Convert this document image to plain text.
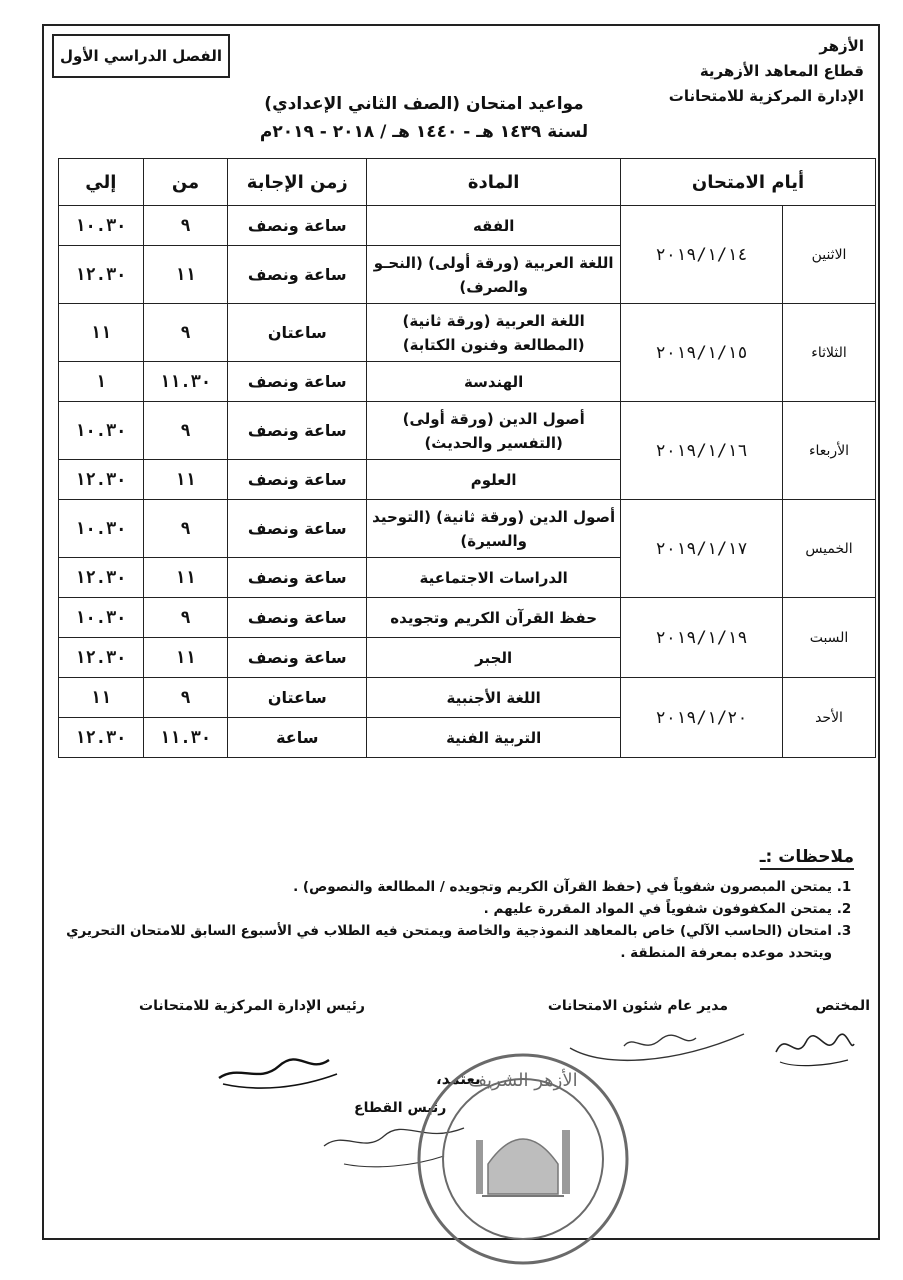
الأزهر
قطاع المعاهد الأزهرية
الإدارة المركزية للامتحانات
الفصل الدراسي الأول
مواعيد امتحان (الصف الثاني الإعدادي)
لسنة ١٤٣٩ هـ - ١٤٤٠ هـ / ٢٠١٨ - ٢٠١٩م
أيام الامتحان		المادة	زمن الإجابة	من	إلي
الاثنين	٢٠١٩/١/١٤	الفقه	ساعة ونصف	٩	١٠.٣٠
		اللغة العربية (ورقة أولى) (النحـو والصرف)	ساعة ونصف	١١	١٢.٣٠
الثلاثاء	٢٠١٩/١/١٥	اللغة العربية (ورقة ثانية) (المطالعة وفنون الكتابة)	ساعتان	٩	١١
		الهندسة	ساعة ونصف	١١.٣٠	١
الأربعاء	٢٠١٩/١/١٦	أصول الدين (ورقة أولى) (التفسير والحديث)	ساعة ونصف	٩	١٠.٣٠
		العلوم	ساعة ونصف	١١	١٢.٣٠
الخميس	٢٠١٩/١/١٧	أصول الدين (ورقة ثانية) (التوحيد والسيرة)	ساعة ونصف	٩	١٠.٣٠
		الدراسات الاجتماعية	ساعة ونصف	١١	١٢.٣٠
السبت	٢٠١٩/١/١٩	حفظ القرآن الكريم وتجويده	ساعة ونصف	٩	١٠.٣٠
		الجبر	ساعة ونصف	١١	١٢.٣٠
الأحد	٢٠١٩/١/٢٠	اللغة الأجنبية	ساعتان	٩	١١
		التربية الفنية	ساعة	١١.٣٠	١٢.٣٠
ملاحظات :ـ
1. يمتحن المبصرون شفوياً في (حفظ القرآن الكريم وتجويده / المطالعة والنصوص) .
2. يمتحن المكفوفون شفوياً في المواد المقررة عليهم .
3. امتحان (الحاسب الآلي) خاص بالمعاهد النموذجية والخاصة ويمتحن فيه الطلاب في الأسبوع السابق للامتحان التحريري ويتحدد موعده بمعرفة المنطقة .
المختص
مدير عام شئون الامتحانات
رئيس الإدارة المركزية للامتحانات
يعتمد،
رئيس القطاع
الأزهر الشريف
